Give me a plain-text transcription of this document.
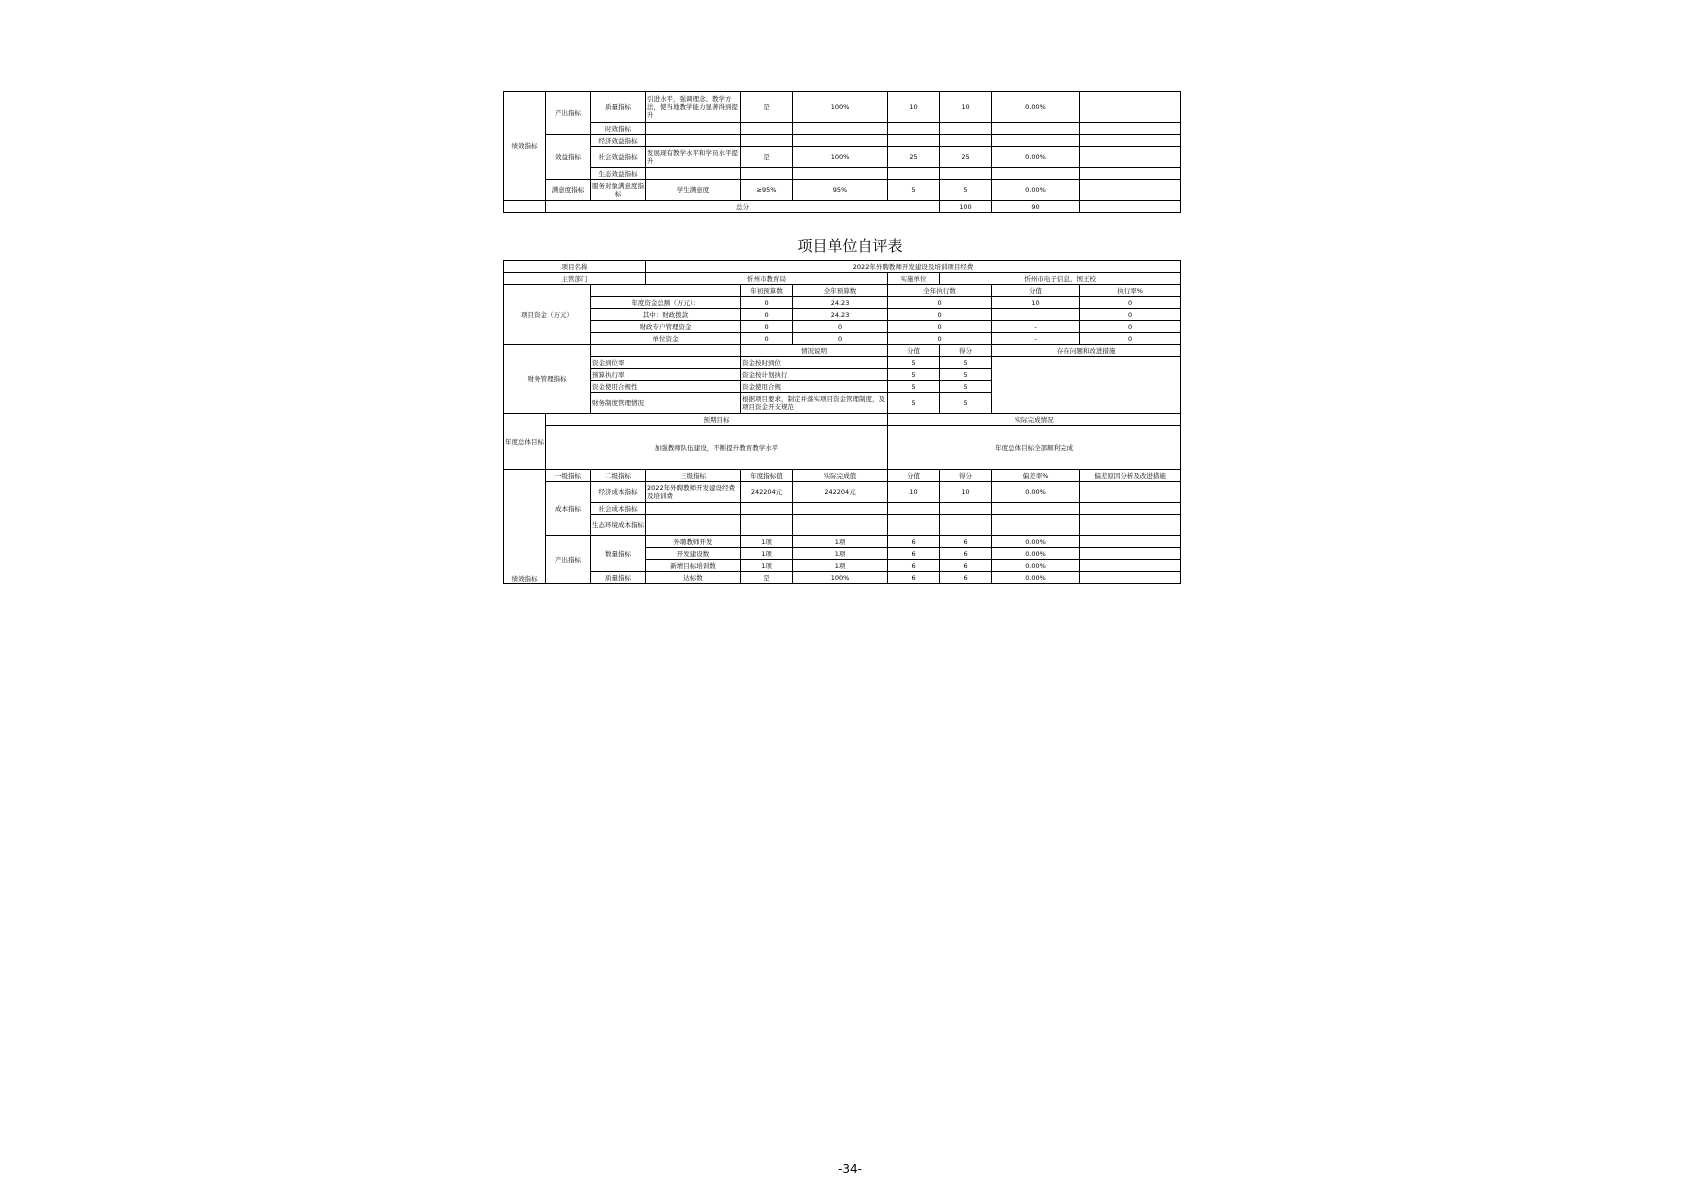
绩效指标	产出指标	质量指标	引进水平，强调理念、教学方法，使当地教学能力显著得到提升	是	100%	10	10	0.00%	
		时效指标							
	效益指标	经济效益指标							
		社会效益指标	发展现有教学水平和学员水平提升	是	100%	25	25	0.00%	
		生态效益指标							
	满意度指标	服务对象满意度指标	学生满意度	≥95%	95%	5	5	0.00%	
	总分						100	90	
项目单位自评表
项目名称			2022年外聘教师开发建设及培训项目经费						
主管部门			忻州市教育局			实施单位	忻州市电子信息、国王校		
项目资金（万元）				年初预算数	全年预算数	全年执行数		分值	执行率%
		年度资金总额（万元）：		0	24.23	0		10	0
		其中：财政拨款		0	24.23	0			0
		财政专户管理资金		0	0	0		-	0
		单位资金		0	0	0		-	0
财务管理指标				情况说明		分值	得分	存在问题和改进措施	
		资金到位率		资金按时到位		5	5		
		预算执行率		资金按计划执行		5	5		
		资金使用合规性		资金使用合规		5	5		
		财务制度管理情况		根据项目要求，制定并落实项目资金管理制度，及项目资金开支规范		5	5		
年度总体目标	预期目标					实际完成情况			
	加强教师队伍建设，不断提升教育教学水平					年度总体目标全部顺利完成			
绩效指标	一级指标	二级指标	三级指标	年度指标值	实际完成值	分值	得分	偏差率%	偏差原因分析及改进措施
	成本指标	经济成本指标	2022年外聘教师开发建设经费及培训费	242204元	242204元	10	10	0.00%	
		社会成本指标							
		生态环境成本指标							
	产出指标	数量指标	外聘教师开发	1项	1项	6	6	0.00%	
			开发建设数	1项	1项	6	6	0.00%	
			新增目标培训数	1项	1项	6	6	0.00%	
		质量指标	达标数	是	100%	6	6	0.00%	
-34-
